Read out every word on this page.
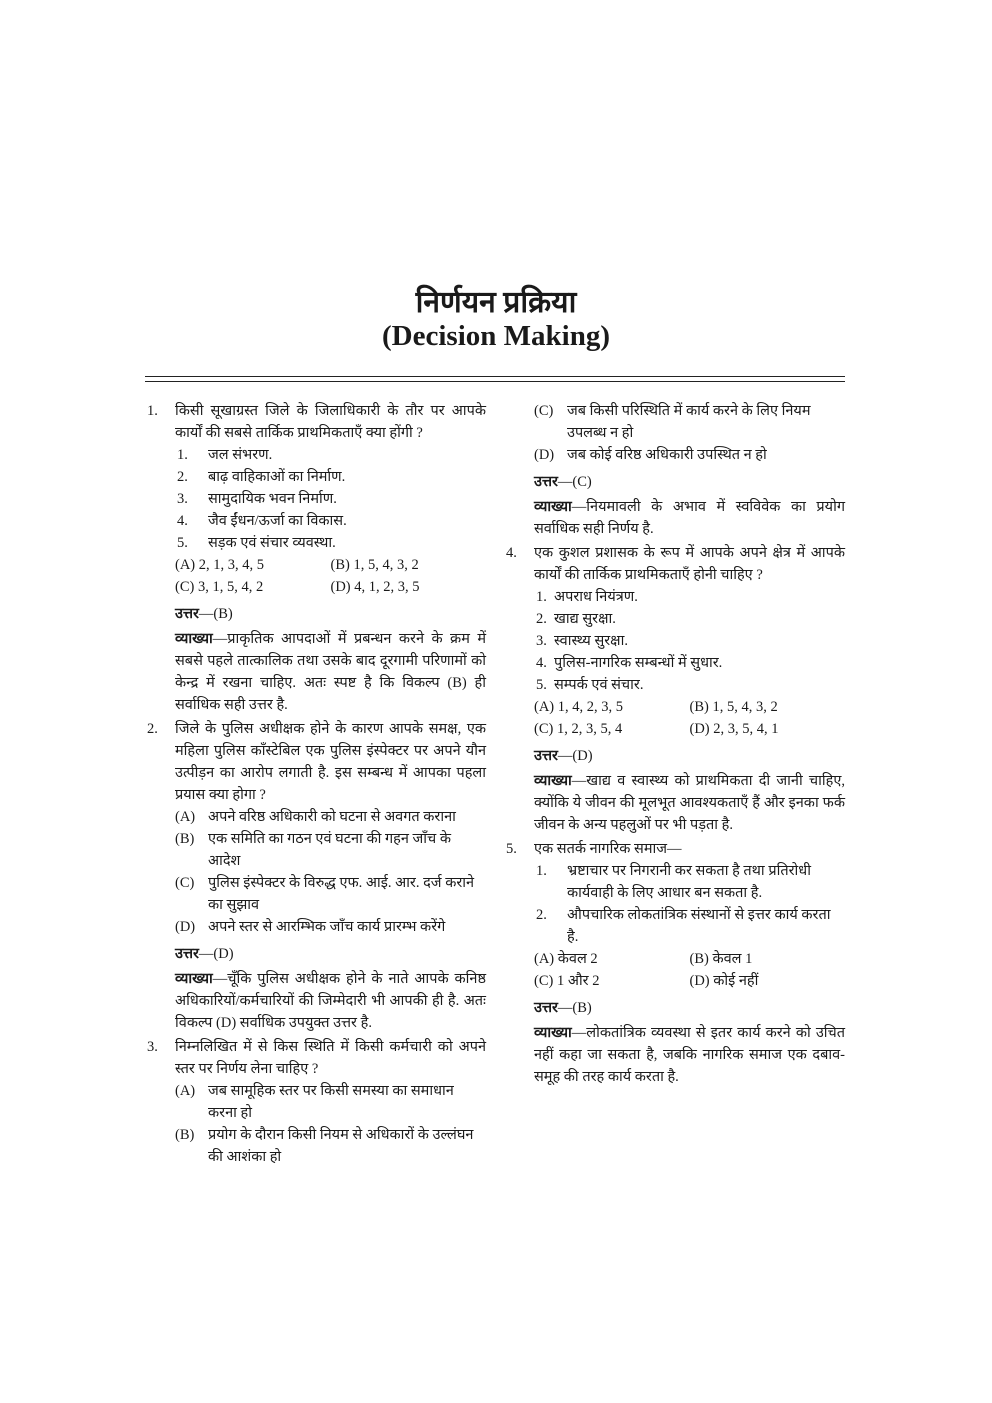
निर्णयन प्रक्रिया
(Decision Making)
1. किसी सूखाग्रस्त जिले के जिलाधिकारी के तौर पर आपके कार्यों की सबसे तार्किक प्राथमिकताएँ क्या होंगी ?
1. जल संभरण.
2. बाढ़ वाहिकाओं का निर्माण.
3. सामुदायिक भवन निर्माण.
4. जैव ईंधन/ऊर्जा का विकास.
5. सड़क एवं संचार व्यवस्था.
(A) 2, 1, 3, 4, 5	(B) 1, 5, 4, 3, 2
(C) 3, 1, 5, 4, 2	(D) 4, 1, 2, 3, 5
उत्तर—(B)
व्याख्या—प्राकृतिक आपदाओं में प्रबन्धन करने के क्रम में सबसे पहले तात्कालिक तथा उसके बाद दूरगामी परिणामों को केन्द्र में रखना चाहिए. अतः स्पष्ट है कि विकल्प (B) ही सर्वाधिक सही उत्तर है.
2. जिले के पुलिस अधीक्षक होने के कारण आपके समक्ष, एक महिला पुलिस कॉंस्टेबिल एक पुलिस इंस्पेक्टर पर अपने यौन उत्पीड़न का आरोप लगाती है. इस सम्बन्ध में आपका पहला प्रयास क्या होगा ?
(A) अपने वरिष्ठ अधिकारी को घटना से अवगत कराना
(B) एक समिति का गठन एवं घटना की गहन जाँच के आदेश
(C) पुलिस इंस्पेक्टर के विरुद्ध एफ. आई. आर. दर्ज कराने का सुझाव
(D) अपने स्तर से आरम्भिक जाँच कार्य प्रारम्भ करेंगे
उत्तर—(D)
व्याख्या—चूँकि पुलिस अधीक्षक होने के नाते आपके कनिष्ठ अधिकारियों/कर्मचारियों की जिम्मेदारी भी आपकी ही है. अतः विकल्प (D) सर्वाधिक उपयुक्त उत्तर है.
3. निम्नलिखित में से किस स्थिति में किसी कर्मचारी को अपने स्तर पर निर्णय लेना चाहिए ?
(A) जब सामूहिक स्तर पर किसी समस्या का समाधान करना हो
(B) प्रयोग के दौरान किसी नियम से अधिकारों के उल्लंघन की आशंका हो
(C) जब किसी परिस्थिति में कार्य करने के लिए नियम उपलब्ध न हो
(D) जब कोई वरिष्ठ अधिकारी उपस्थित न हो
उत्तर—(C)
व्याख्या—नियमावली के अभाव में स्वविवेक का प्रयोग सर्वाधिक सही निर्णय है.
4. एक कुशल प्रशासक के रूप में आपके अपने क्षेत्र में आपके कार्यों की तार्किक प्राथमिकताएँ होनी चाहिए ?
1. अपराध नियंत्रण.
2. खाद्य सुरक्षा.
3. स्वास्थ्य सुरक्षा.
4. पुलिस-नागरिक सम्बन्धों में सुधार.
5. सम्पर्क एवं संचार.
(A) 1, 4, 2, 3, 5	(B) 1, 5, 4, 3, 2
(C) 1, 2, 3, 5, 4	(D) 2, 3, 5, 4, 1
उत्तर—(D)
व्याख्या—खाद्य व स्वास्थ्य को प्राथमिकता दी जानी चाहिए, क्योंकि ये जीवन की मूलभूत आवश्यकताएँ हैं और इनका फर्क जीवन के अन्य पहलुओं पर भी पड़ता है.
5. एक सतर्क नागरिक समाज—
1. भ्रष्टाचार पर निगरानी कर सकता है तथा प्रतिरोधी कार्यवाही के लिए आधार बन सकता है.
2. औपचारिक लोकतांत्रिक संस्थानों से इत्तर कार्य करता है.
(A) केवल 2	(B) केवल 1
(C) 1 और 2	(D) कोई नहीं
उत्तर—(B)
व्याख्या—लोकतांत्रिक व्यवस्था से इतर कार्य करने को उचित नहीं कहा जा सकता है, जबकि नागरिक समाज एक दबाव-समूह की तरह कार्य करता है.
